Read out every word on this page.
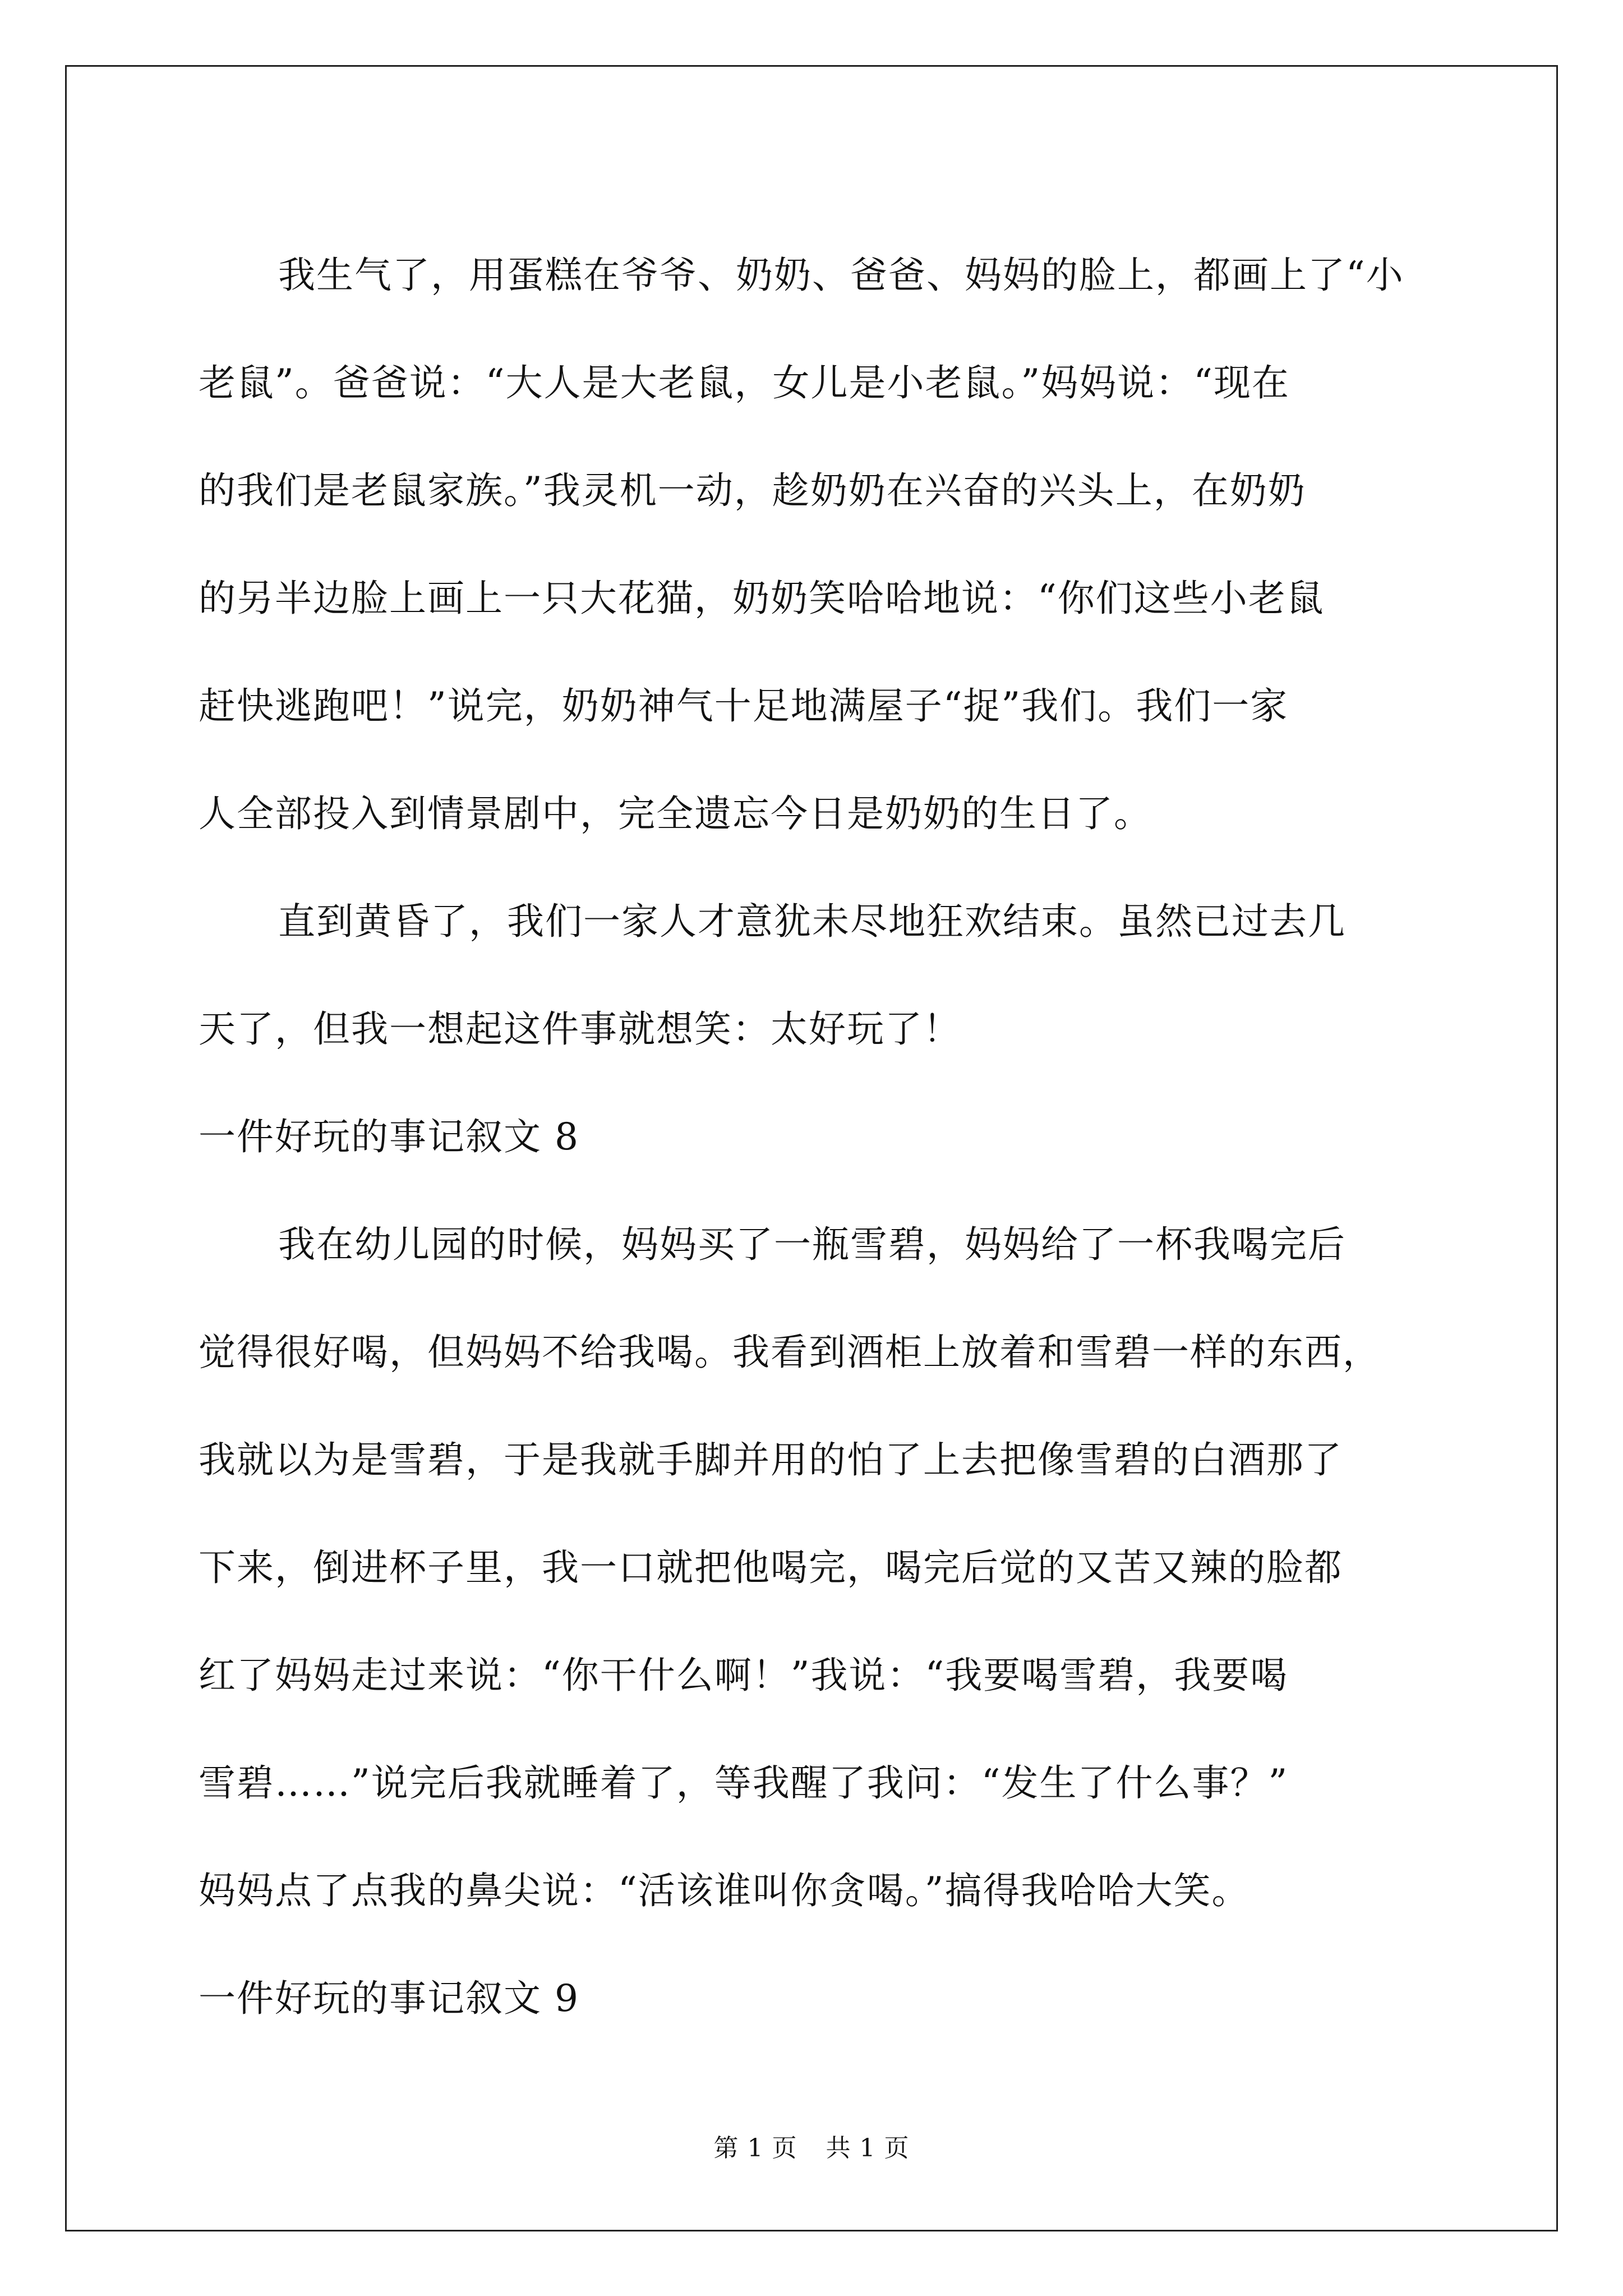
我生气了，用蛋糕在爷爷、奶奶、爸爸、妈妈的脸上，都画上了“小
老鼠”。爸爸说：“大人是大老鼠，女儿是小老鼠。”妈妈说：“现在
的我们是老鼠家族。”我灵机一动，趁奶奶在兴奋的兴头上，在奶奶
的另半边脸上画上一只大花猫，奶奶笑哈哈地说：“你们这些小老鼠
赶快逃跑吧！”说完，奶奶神气十足地满屋子“捉”我们。我们一家
人全部投入到情景剧中，完全遗忘今日是奶奶的生日了。
直到黄昏了，我们一家人才意犹未尽地狂欢结束。虽然已过去几
天了，但我一想起这件事就想笑：太好玩了！
一件好玩的事记叙文 8
我在幼儿园的时候，妈妈买了一瓶雪碧，妈妈给了一杯我喝完后
觉得很好喝，但妈妈不给我喝。我看到酒柜上放着和雪碧一样的东西，
我就以为是雪碧，于是我就手脚并用的怕了上去把像雪碧的白酒那了
下来，倒进杯子里，我一口就把他喝完，喝完后觉的又苦又辣的脸都
红了妈妈走过来说：“你干什么啊！”我说：“我要喝雪碧，我要喝
雪碧……”说完后我就睡着了，等我醒了我问：“发生了什么事？”
妈妈点了点我的鼻尖说：“活该谁叫你贪喝。”搞得我哈哈大笑。
一件好玩的事记叙文 9
第 1 页 共 1 页
